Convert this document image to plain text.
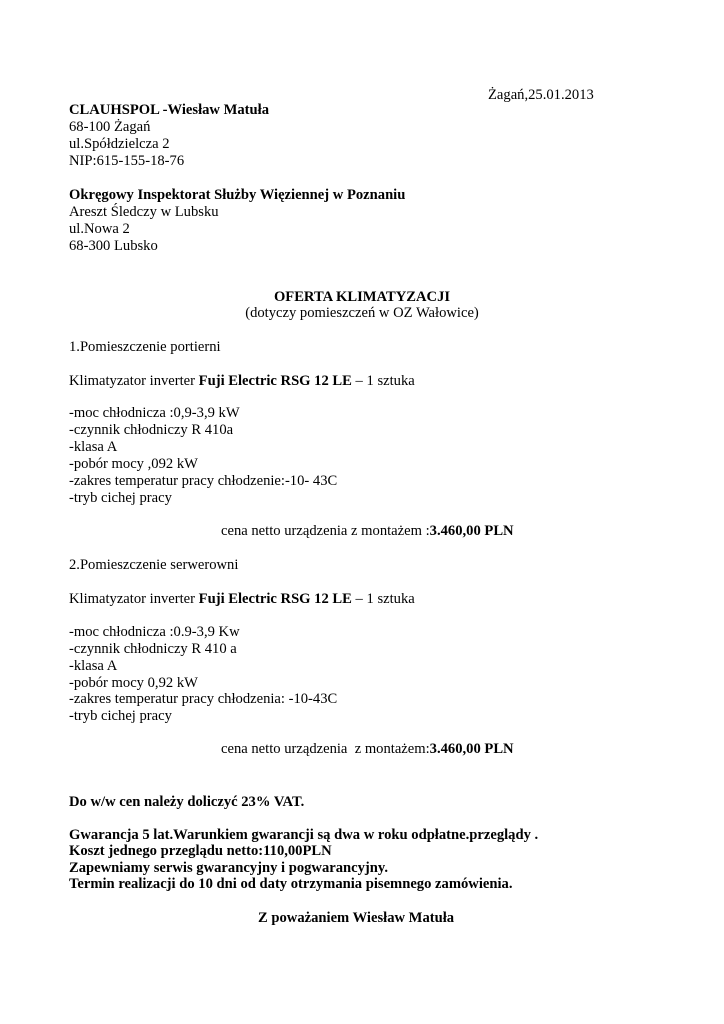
Żagań,25.01.2013
CLAUHSPOL -Wiesław Matuła
68-100 Żagań
ul.Spółdzielcza 2
NIP:615-155-18-76
Okręgowy Inspektorat Służby Więziennej w Poznaniu
Areszt Śledczy w Lubsku
ul.Nowa 2
68-300 Lubsko
OFERTA KLIMATYZACJI
(dotyczy pomieszczeń w OZ Wałowice)
1.Pomieszczenie portierni
Klimatyzator inverter Fuji Electric RSG 12 LE – 1 sztuka
-moc chłodnicza :0,9-3,9 kW
-czynnik chłodniczy R 410a
-klasa A
-pobór mocy ,092 kW
-zakres temperatur pracy chłodzenie:-10- 43C
-tryb cichej pracy
cena netto urządzenia z montażem :3.460,00 PLN
2.Pomieszczenie serwerowni
Klimatyzator inverter Fuji Electric RSG 12 LE – 1 sztuka
-moc chłodnicza :0.9-3,9 Kw
-czynnik chłodniczy R 410 a
-klasa A
-pobór mocy 0,92 kW
-zakres temperatur pracy chłodzenia: -10-43C
-tryb cichej pracy
cena netto urządzenia  z montażem:3.460,00 PLN
Do w/w cen należy doliczyć 23% VAT.
Gwarancja 5 lat.Warunkiem gwarancji są dwa w roku odpłatne.przeglądy .
Koszt jednego przeglądu netto:110,00PLN
Zapewniamy serwis gwarancyjny i pogwarancyjny.
Termin realizacji do 10 dni od daty otrzymania pisemnego zamówienia.
Z poważaniem Wiesław Matuła
